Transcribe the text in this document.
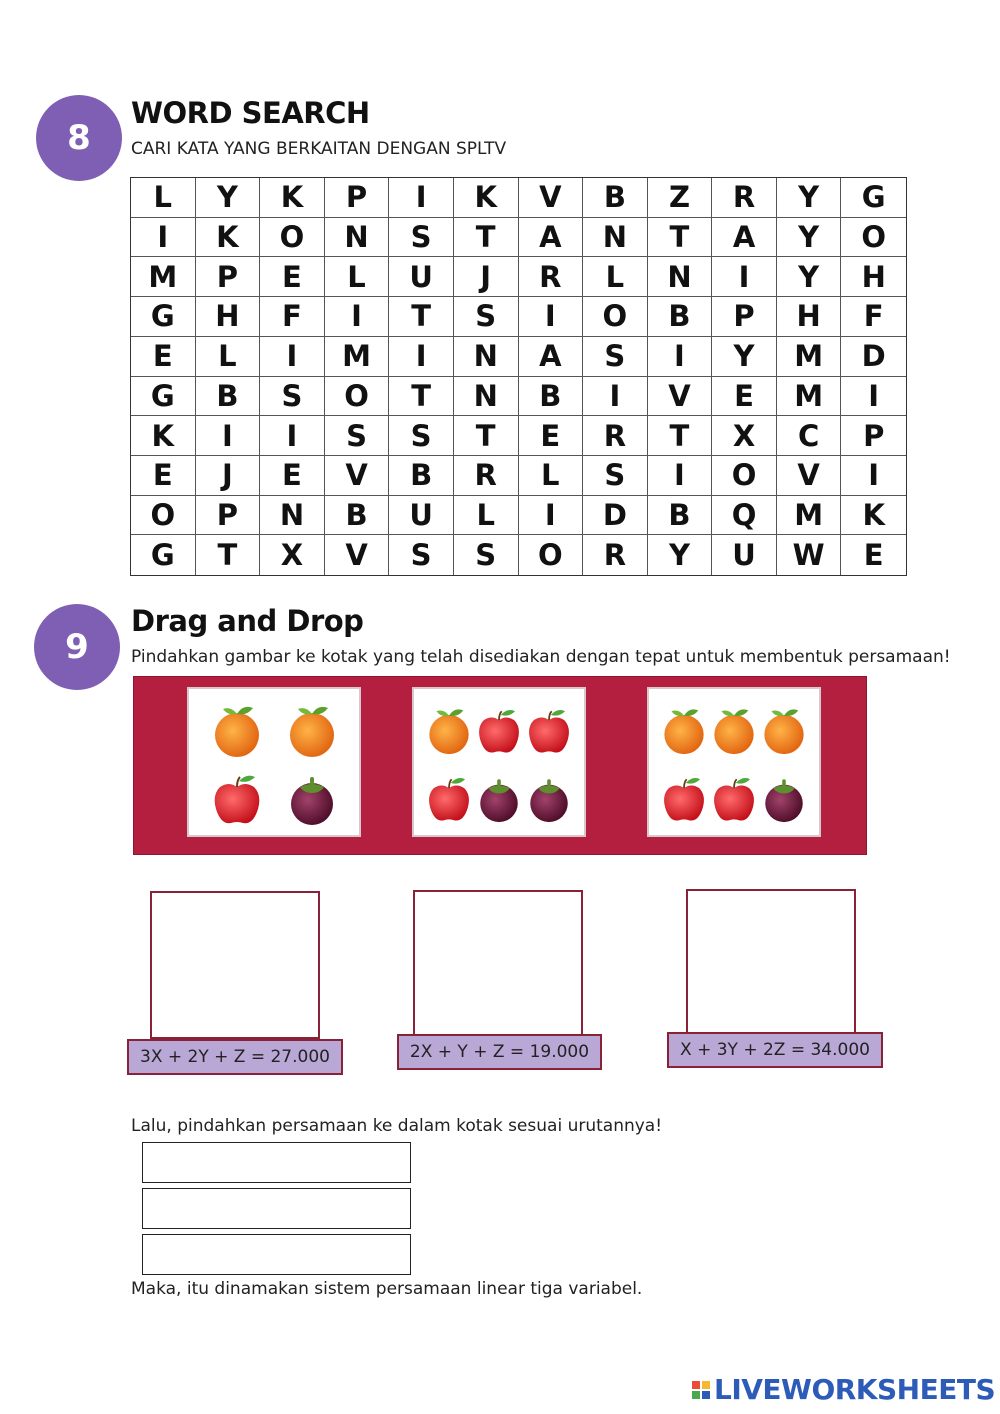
8
WORD SEARCH
CARI KATA YANG BERKAITAN DENGAN SPLTV
L	Y	K	P	I	K	V	B	Z	R	Y	G
I	K	O	N	S	T	A	N	T	A	Y	O
M	P	E	L	U	J	R	L	N	I	Y	H
G	H	F	I	T	S	I	O	B	P	H	F
E	L	I	M	I	N	A	S	I	Y	M	D
G	B	S	O	T	N	B	I	V	E	M	I
K	I	I	S	S	T	E	R	T	X	C	P
E	J	E	V	B	R	L	S	I	O	V	I
O	P	N	B	U	L	I	D	B	Q	M	K
G	T	X	V	S	S	O	R	Y	U	W	E
9
Drag and Drop
Pindahkan gambar ke kotak yang telah disediakan dengan tepat untuk membentuk persamaan!
3X + 2Y + Z = 27.000	2X + Y + Z = 19.000	X + 3Y + 2Z = 34.000
Lalu, pindahkan persamaan ke dalam kotak sesuai urutannya!
Maka, itu dinamakan sistem persamaan linear tiga variabel.
LIVEWORKSHEETS
